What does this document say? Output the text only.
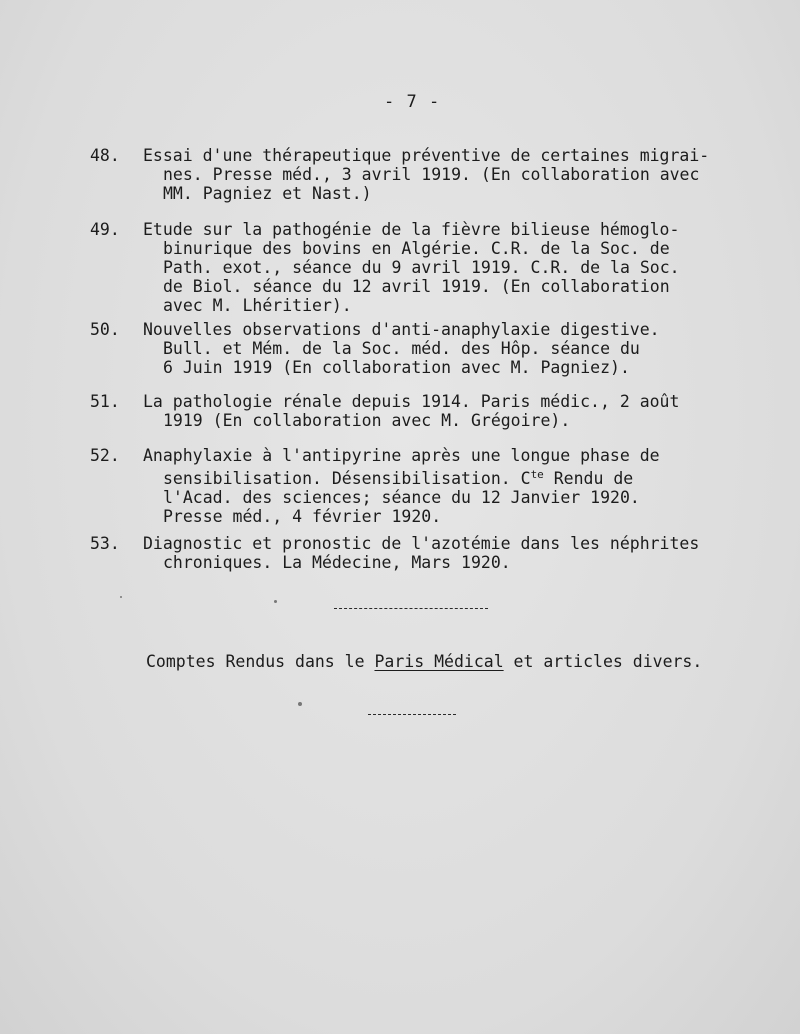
- 7 -
48.	Essai d'une thérapeutique préventive de certaines migrai-
nes. Presse méd., 3 avril 1919. (En collaboration avec
MM. Pagniez et Nast.)
49.	Etude sur la pathogénie de la fièvre bilieuse hémoglo-
binurique des bovins en Algérie. C.R. de la Soc. de
Path. exot., séance du 9 avril 1919. C.R. de la Soc.
de Biol. séance du 12 avril 1919. (En collaboration
avec M. Lhéritier).
50.	Nouvelles observations d'anti-anaphylaxie digestive.
Bull. et Mém. de la Soc. méd. des Hôp. séance du
6 Juin 1919 (En collaboration avec M. Pagniez).
51.	La pathologie rénale depuis 1914. Paris médic., 2 août
1919 (En collaboration avec M. Grégoire).
52.	Anaphylaxie à l'antipyrine après une longue phase de
sensibilisation. Désensibilisation. $C^{te}$ Rendu de
l'Acad. des sciences; séance du 12 Janvier 1920.
Presse méd., 4 février 1920.
53.	Diagnostic et pronostic de l'azotémie dans les néphrites
chroniques. La Médecine, Mars 1920.
Comptes Rendus dans le Paris Médical et articles divers.
